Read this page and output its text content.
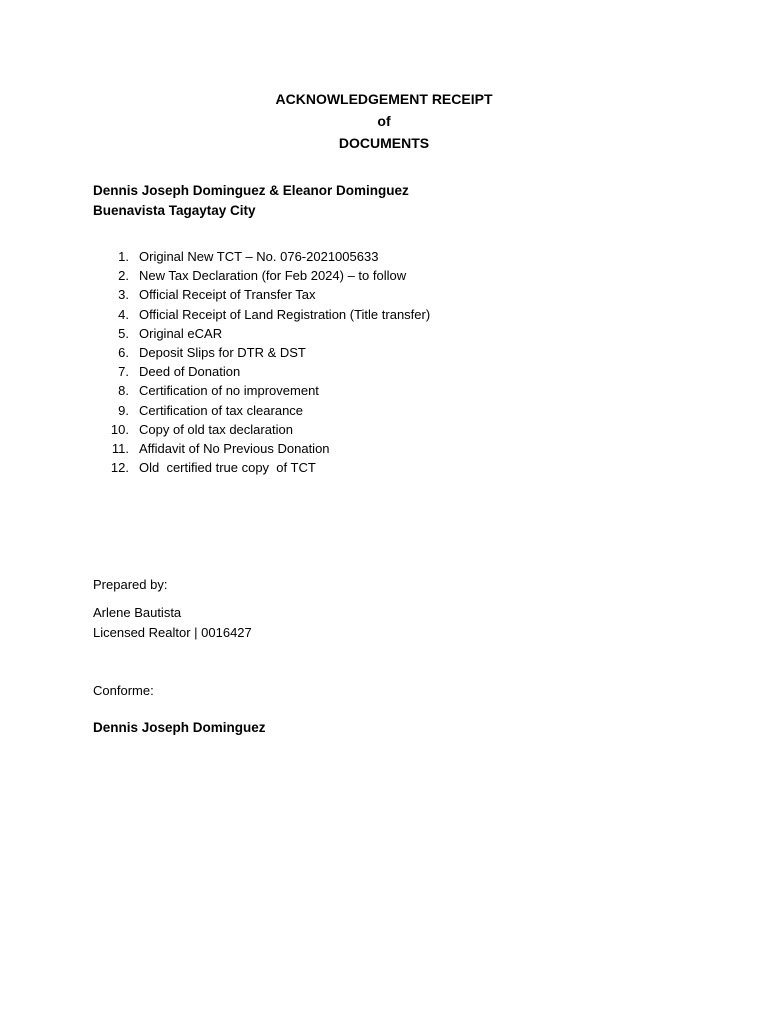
ACKNOWLEDGEMENT RECEIPT
of
DOCUMENTS
Dennis Joseph Dominguez & Eleanor Dominguez
Buenavista Tagaytay City
1. Original New TCT – No. 076-2021005633
2. New Tax Declaration (for Feb 2024) – to follow
3. Official Receipt of Transfer Tax
4. Official Receipt of Land Registration (Title transfer)
5. Original eCAR
6. Deposit Slips for DTR & DST
7. Deed of Donation
8. Certification of no improvement
9. Certification of tax clearance
10. Copy of old tax declaration
11. Affidavit of No Previous Donation
12. Old  certified true copy  of TCT
Prepared by:
Arlene Bautista
Licensed Realtor | 0016427
Conforme:
Dennis Joseph Dominguez
